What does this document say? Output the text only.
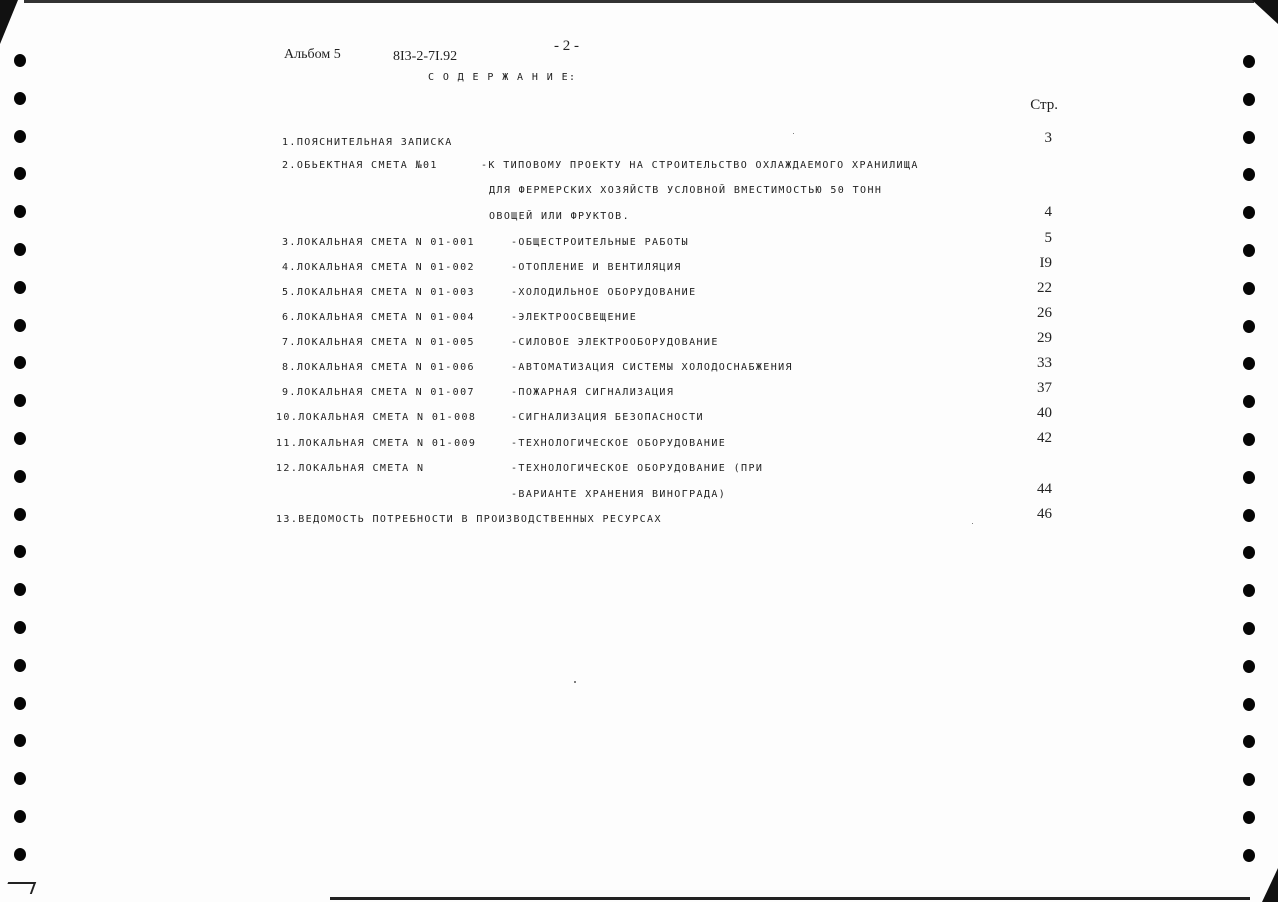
Альбом 5	8I3-2-7I.92
- 2 -
С О Д Е Р Ж А Н И Е:
Стр.
1.ПОЯСНИТЕЛЬНАЯ ЗАПИСКА	3
2.ОБЬЕКТНАЯ СМЕТА №01	-К ТИПОВОМУ ПРОЕКТУ НА СТРОИТЕЛЬСТВО ОХЛАЖДАЕМОГО ХРАНИЛИЩА
ДЛЯ ФЕРМЕРСКИХ ХОЗЯЙСТВ УСЛОВНОЙ ВМЕСТИМОСТЬЮ 50 ТОНН
ОВОЩЕЙ ИЛИ ФРУКТОВ.	4
3.ЛОКАЛЬНАЯ СМЕТА N 01-001	-ОБЩЕСТРОИТЕЛЬНЫЕ РАБОТЫ	5
4.ЛОКАЛЬНАЯ СМЕТА N 01-002	-ОТОПЛЕНИЕ И ВЕНТИЛЯЦИЯ	I9
5.ЛОКАЛЬНАЯ СМЕТА N 01-003	-ХОЛОДИЛЬНОЕ ОБОРУДОВАНИЕ	22
6.ЛОКАЛЬНАЯ СМЕТА N 01-004	-ЭЛЕКТРООСВЕЩЕНИЕ	26
7.ЛОКАЛЬНАЯ СМЕТА N 01-005	-СИЛОВОЕ ЭЛЕКТРООБОРУДОВАНИЕ	29
8.ЛОКАЛЬНАЯ СМЕТА N 01-006	-АВТОМАТИЗАЦИЯ СИСТЕМЫ ХОЛОДОСНАБЖЕНИЯ	33
9.ЛОКАЛЬНАЯ СМЕТА N 01-007	-ПОЖАРНАЯ СИГНАЛИЗАЦИЯ	37
10.ЛОКАЛЬНАЯ СМЕТА N 01-008	-СИГНАЛИЗАЦИЯ БЕЗОПАСНОСТИ	40
11.ЛОКАЛЬНАЯ СМЕТА N 01-009	-ТЕХНОЛОГИЧЕСКОЕ ОБОРУДОВАНИЕ	42
12.ЛОКАЛЬНАЯ СМЕТА N	-ТЕХНОЛОГИЧЕСКОЕ ОБОРУДОВАНИЕ (ПРИ
-ВАРИАНТЕ ХРАНЕНИЯ ВИНОГРАДА)	44
13.ВЕДОМОСТЬ ПОТРЕБНОСТИ В ПРОИЗВОДСТВЕННЫХ РЕСУРСАХ	46
